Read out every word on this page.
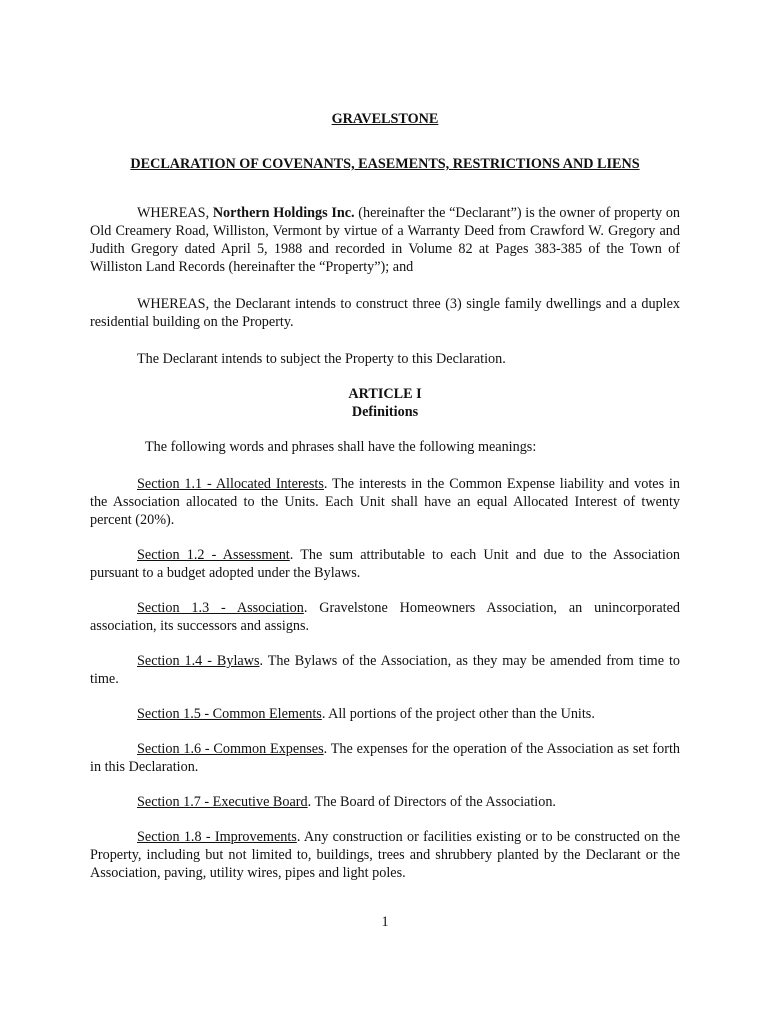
GRAVELSTONE

DECLARATION OF COVENANTS, EASEMENTS, RESTRICTIONS AND LIENS

WHEREAS, Northern Holdings Inc. (hereinafter the “Declarant”) is the owner of property on Old Creamery Road, Williston, Vermont by virtue of a Warranty Deed from Crawford W. Gregory and Judith Gregory dated April 5, 1988 and recorded in Volume 82 at Pages 383-385 of the Town of Williston Land Records (hereinafter the “Property”); and

WHEREAS, the Declarant intends to construct three (3) single family dwellings and a duplex residential building on the Property.

The Declarant intends to subject the Property to this Declaration.

ARTICLE I

Definitions

The following words and phrases shall have the following meanings:

Section 1.1 - Allocated Interests. The interests in the Common Expense liability and votes in the Association allocated to the Units. Each Unit shall have an equal Allocated Interest of twenty percent (20%).

Section 1.2 - Assessment. The sum attributable to each Unit and due to the Association pursuant to a budget adopted under the Bylaws.

Section 1.3 - Association. Gravelstone Homeowners Association, an unincorporated association, its successors and assigns.

Section 1.4 - Bylaws. The Bylaws of the Association, as they may be amended from time to time.

Section 1.5 - Common Elements. All portions of the project other than the Units.

Section 1.6 - Common Expenses. The expenses for the operation of the Association as set forth in this Declaration.

Section 1.7 - Executive Board. The Board of Directors of the Association.

Section 1.8 - Improvements. Any construction or facilities existing or to be constructed on the Property, including but not limited to, buildings, trees and shrubbery planted by the Declarant or the Association, paving, utility wires, pipes and light poles.

1
